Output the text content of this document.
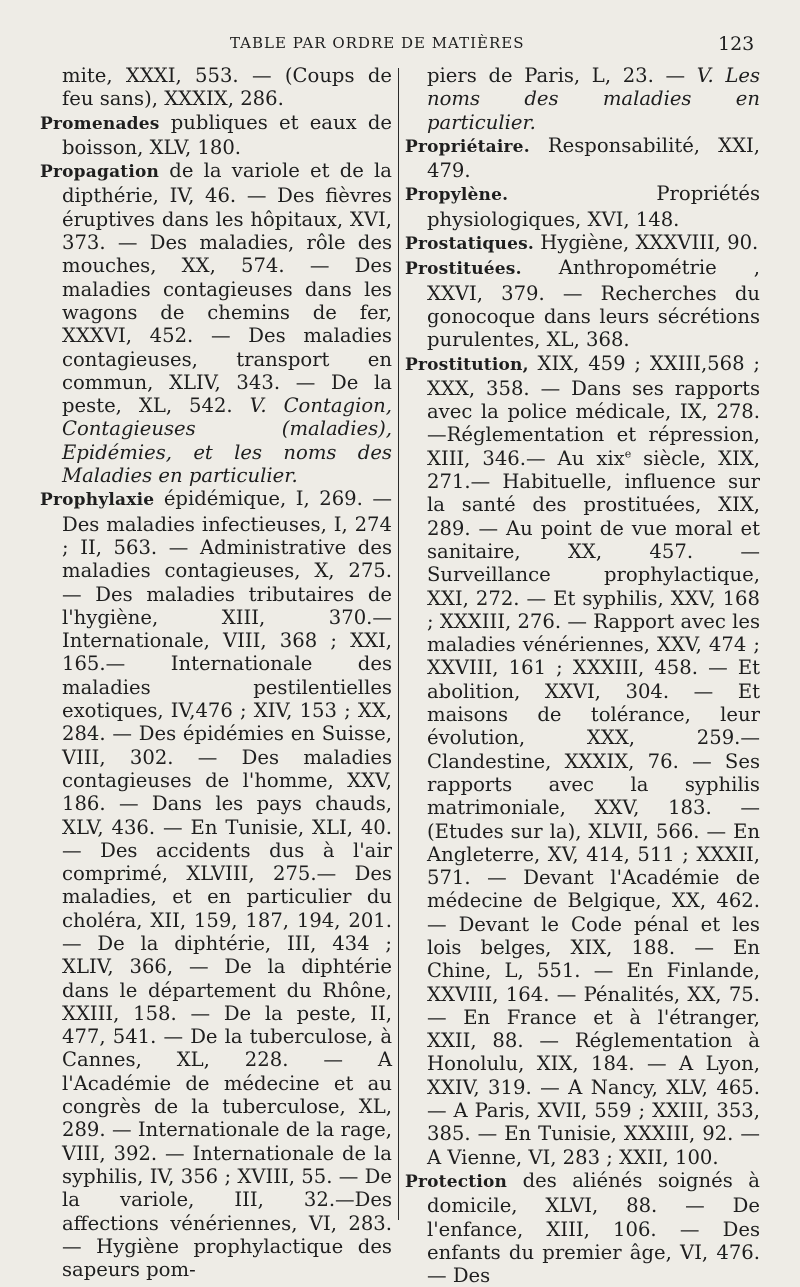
TABLE PAR ORDRE DE MATIÈRES	123

mite, XXXI, 553. — (Coups de feu sans), XXXIX, 286.

Promenades publiques et eaux de boisson, XLV, 180.

Propagation de la variole et de la dipthérie, IV, 46. — Des fièvres éruptives dans les hôpitaux, XVI, 373. — Des maladies, rôle des mouches, XX, 574. — Des maladies contagieuses dans les wagons de chemins de fer, XXXVI, 452. — Des maladies contagieuses, transport en commun, XLIV, 343. — De la peste, XL, 542. V. Contagion, Contagieuses (maladies), Epidémies, et les noms des Maladies en particulier.

Prophylaxie épidémique, I, 269. — Des maladies infectieuses, I, 274 ; II, 563. — Administrative des maladies contagieuses, X, 275. — Des maladies tributaires de l'hygiène, XIII, 370.— Internationale, VIII, 368 ; XXI, 165.— Internationale des maladies pestilentielles exotiques, IV,476 ; XIV, 153 ; XX, 284. — Des épidémies en Suisse, VIII, 302. — Des maladies contagieuses de l'homme, XXV, 186. — Dans les pays chauds, XLV, 436. — En Tunisie, XLI, 40. — Des accidents dus à l'air comprimé, XLVIII, 275.— Des maladies, et en particulier du choléra, XII, 159, 187, 194, 201. — De la diphtérie, III, 434 ; XLIV, 366, — De la diphtérie dans le département du Rhône, XXIII, 158. — De la peste, II, 477, 541. — De la tuberculose, à Cannes, XL, 228. — A l'Académie de médecine et au congrès de la tuberculose, XL, 289. — Internationale de la rage, VIII, 392. — Internationale de la syphilis, IV, 356 ; XVIII, 55. — De la variole, III, 32.—Des affections vénériennes, VI, 283. — Hygiène prophylactique des sapeurs pom-

piers de Paris, L, 23. — V. Les noms des maladies en particulier.

Propriétaire. Responsabilité, XXI, 479.

Propylène. Propriétés physiologiques, XVI, 148.

Prostatiques. Hygiène, XXXVIII, 90.

Prostituées. Anthropométrie , XXVI, 379. — Recherches du gonocoque dans leurs sécrétions purulentes, XL, 368.

Prostitution, XIX, 459 ; XXIII,568 ; XXX, 358. — Dans ses rapports avec la police médicale, IX, 278. —Réglementation et répression, XIII, 346.— Au xix$^e$ siècle, XIX, 271.— Habituelle, influence sur la santé des prostituées, XIX, 289. — Au point de vue moral et sanitaire, XX, 457. — Surveillance prophylactique, XXI, 272. — Et syphilis, XXV, 168 ; XXXIII, 276. — Rapport avec les maladies vénériennes, XXV, 474 ; XXVIII, 161 ; XXXIII, 458. — Et abolition, XXVI, 304. — Et maisons de tolérance, leur évolution, XXX, 259.— Clandestine, XXXIX, 76. — Ses rapports avec la syphilis matrimoniale, XXV, 183. — (Etudes sur la), XLVII, 566. — En Angleterre, XV, 414, 511 ; XXXII, 571. — Devant l'Académie de médecine de Belgique, XX, 462. — Devant le Code pénal et les lois belges, XIX, 188. — En Chine, L, 551. — En Finlande, XXVIII, 164. — Pénalités, XX, 75. — En France et à l'étranger, XXII, 88. — Réglementation à Honolulu, XIX, 184. — A Lyon, XXIV, 319. — A Nancy, XLV, 465. — A Paris, XVII, 559 ; XXIII, 353, 385. — En Tunisie, XXXIII, 92. — A Vienne, VI, 283 ; XXII, 100.

Protection des aliénés soignés à domicile, XLVI, 88. — De l'enfance, XIII, 106. — Des enfants du premier âge, VI, 476. — Des
